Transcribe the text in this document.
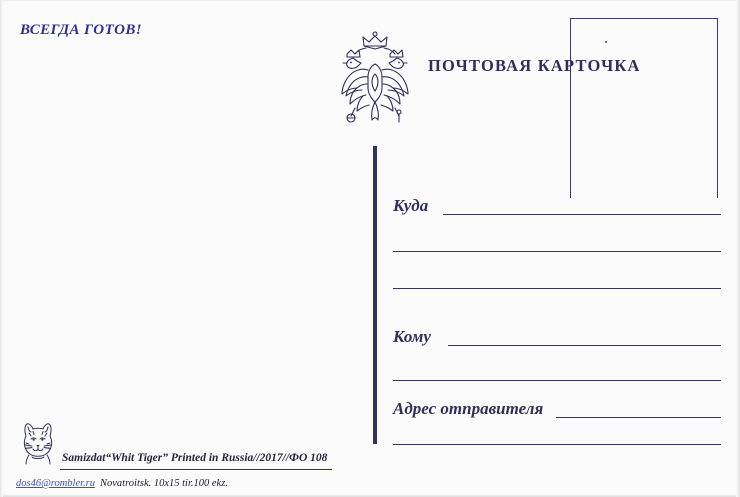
ВСЕГДА ГОТОВ!
ПОЧТОВАЯ КАРТОЧКА
Куда
Кому
Адрес отправителя
Samizdat“Whit Tiger” Printed in Russia//2017//ФО 108
dos46@rombler.ru Novatroitsk. 10x15 tir.100 ekz.
